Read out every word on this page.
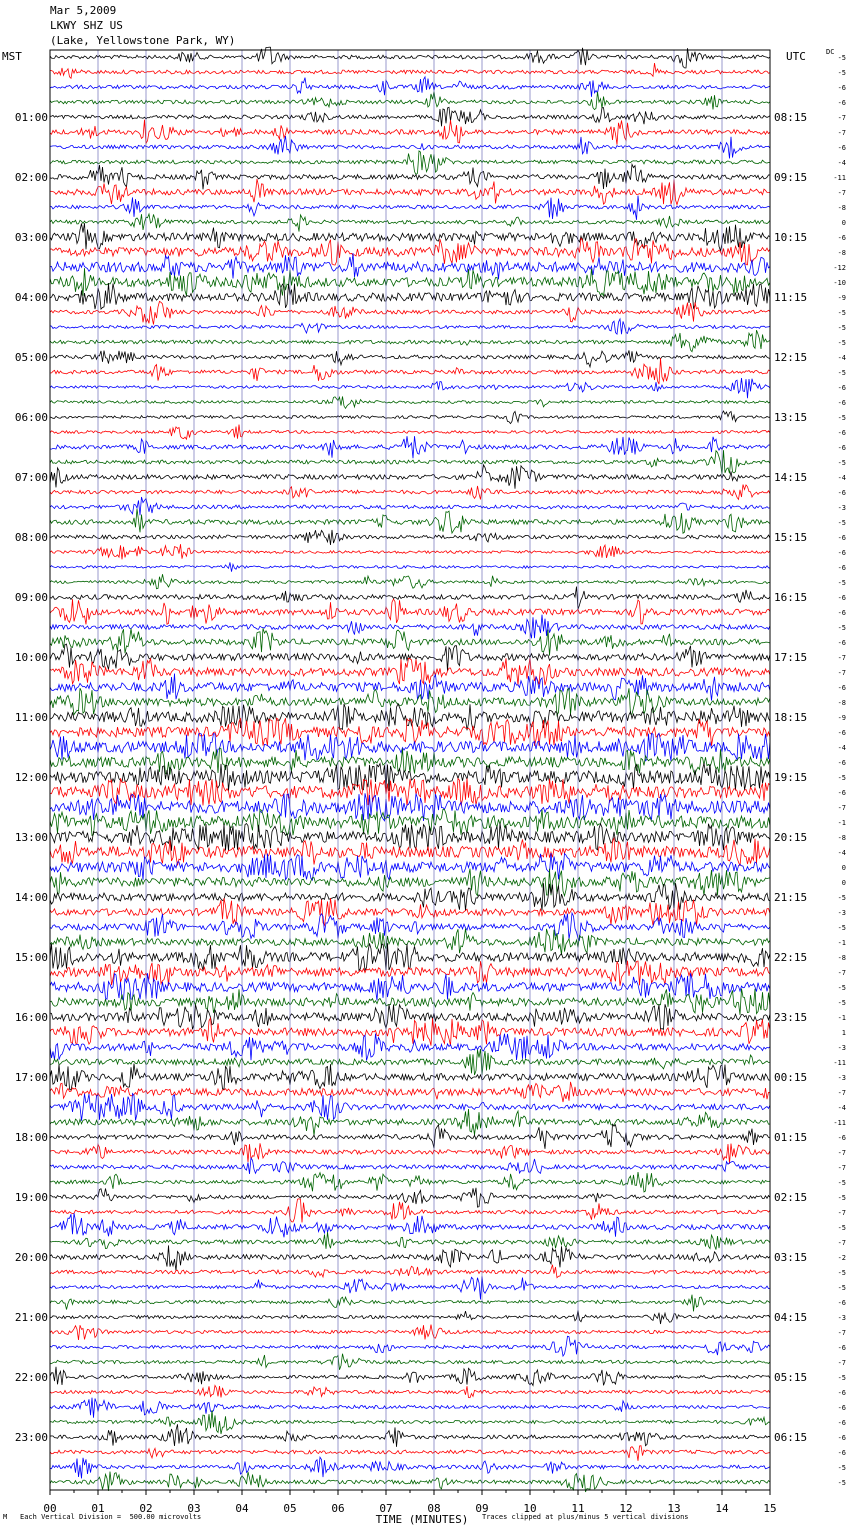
Mar 5,2009
LKWY SHZ US
(Lake, Yellowstone Park, WY)
MST	UTC	DC
00	01	02	03	04	05	06	07	08	09	10	11	12	13	14	15
01:00
02:00
03:00
04:00
05:00
06:00
07:00
08:00
09:00
10:00
11:00
12:00
13:00
14:00
15:00
16:00
17:00
18:00
19:00
20:00
21:00
22:00
23:00
08:15
09:15
10:15
11:15
12:15
13:15
14:15
15:15
16:15
17:15
18:15
19:15
20:15
21:15
22:15
23:15
00:15
01:15
02:15
03:15
04:15
05:15
06:15
-5
-5
-6
-6
-7
-7
-6
-4
-11
-7
-8
0
-6
-8
-12
-10
-9
-5
-5
-5
-4
-5
-6
-6
-5
-6
-6
-5
-4
-6
-3
-5
-6
-6
-6
-5
-6
-6
-5
-6
-7
-7
-6
-8
-9
-6
-4
-6
-5
-6
-7
-1
-8
-4
0
0
-5
-3
-5
-1
-8
-7
-5
-5
-1
1
-3
-11
-3
-7
-4
-11
-6
-7
-7
-5
-5
-7
-5
-7
-2
-5
-5
-6
-3
-7
-6
-7
-5
-6
-6
-6
-6
-6
-5
-5
TIME (MINUTES)
M Each Vertical Division =  500.00 microvolts	Traces clipped at plus/minus 5 vertical divisions
